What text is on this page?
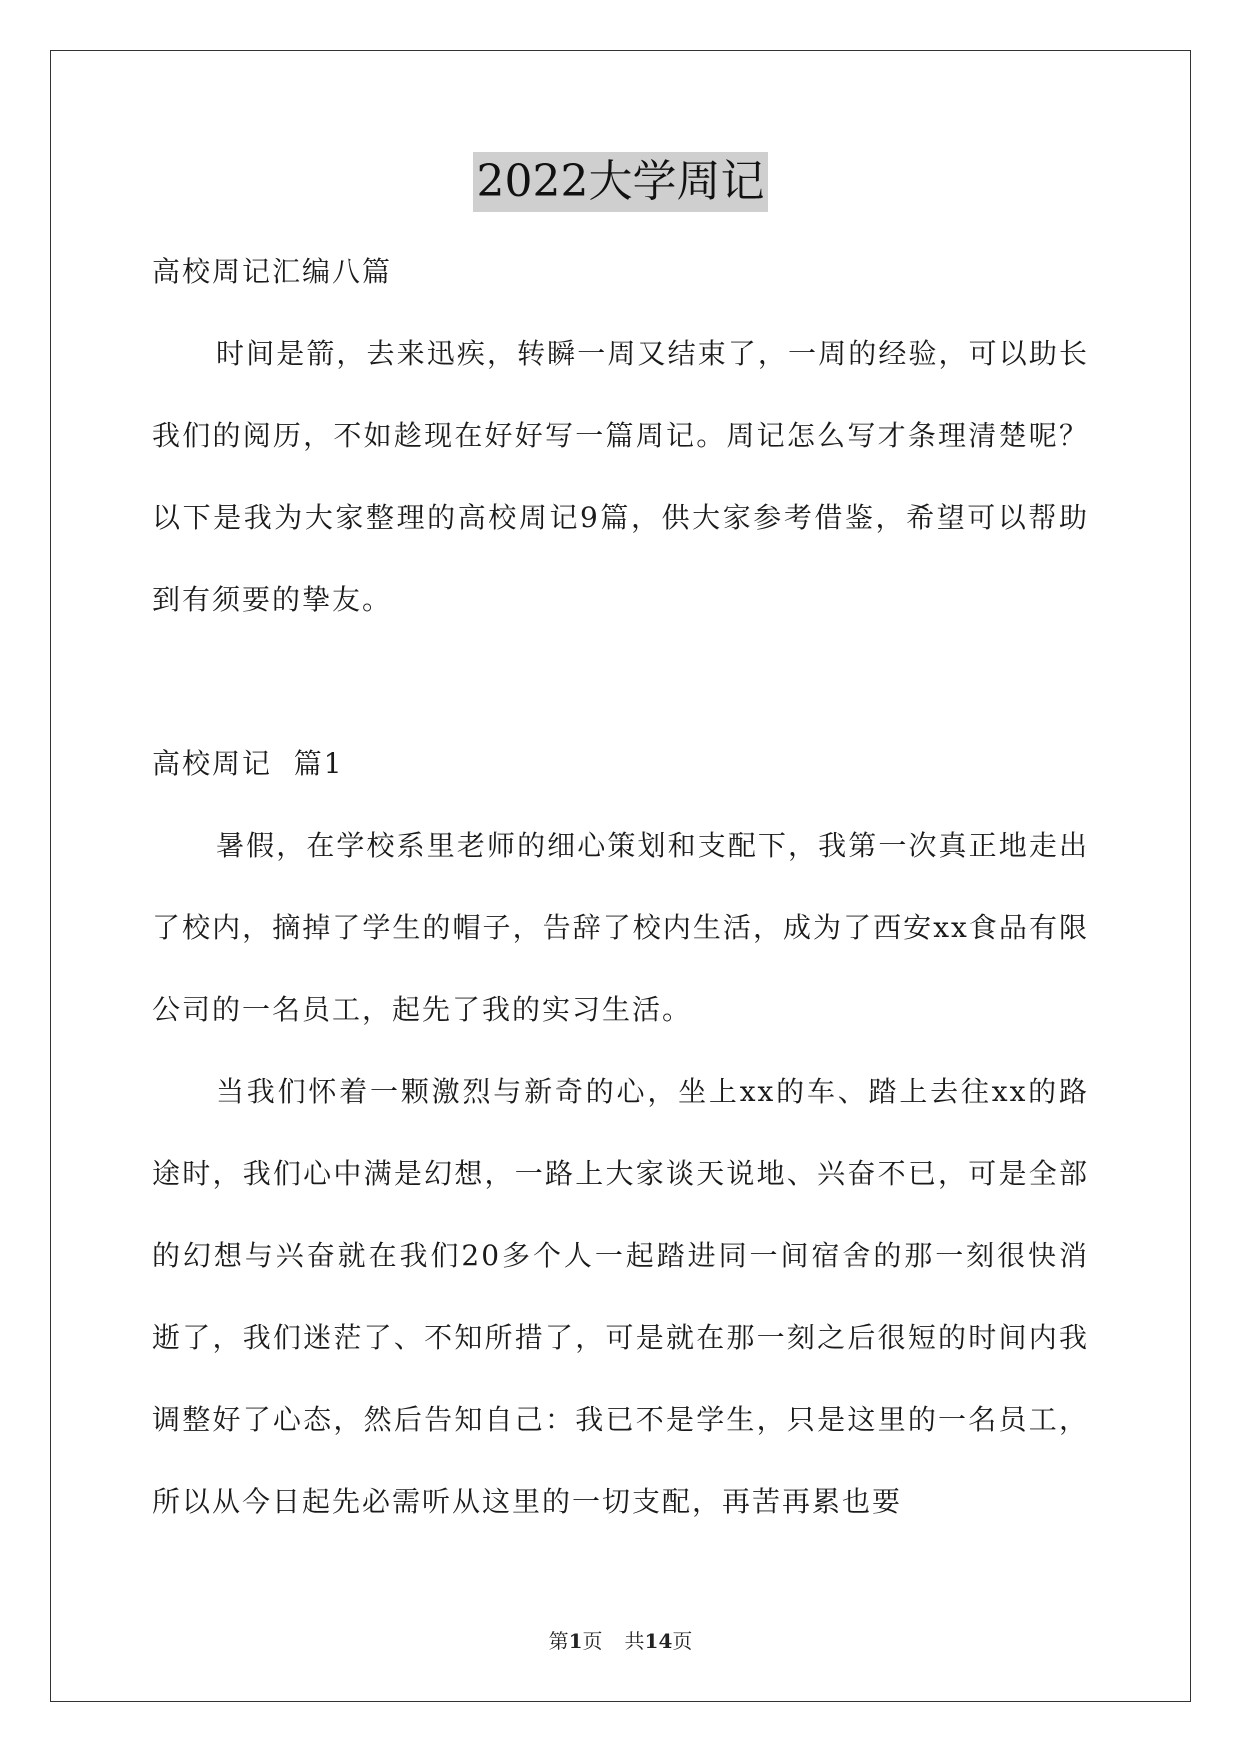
2022大学周记

高校周记汇编八篇

时间是箭，去来迅疾，转瞬一周又结束了，一周的经验，可以助长我们的阅历，不如趁现在好好写一篇周记。周记怎么写才条理清楚呢？以下是我为大家整理的高校周记9篇，供大家参考借鉴，希望可以帮助到有须要的挚友。

高校周记  篇1

暑假，在学校系里老师的细心策划和支配下，我第一次真正地走出了校内，摘掉了学生的帽子，告辞了校内生活，成为了西安xx食品有限公司的一名员工，起先了我的实习生活。

当我们怀着一颗激烈与新奇的心，坐上xx的车、踏上去往xx的路途时，我们心中满是幻想，一路上大家谈天说地、兴奋不已，可是全部的幻想与兴奋就在我们20多个人一起踏进同一间宿舍的那一刻很快消逝了，我们迷茫了、不知所措了，可是就在那一刻之后很短的时间内我调整好了心态，然后告知自己：我已不是学生，只是这里的一名员工，所以从今日起先必需听从这里的一切支配，再苦再累也要

第1页 共14页
